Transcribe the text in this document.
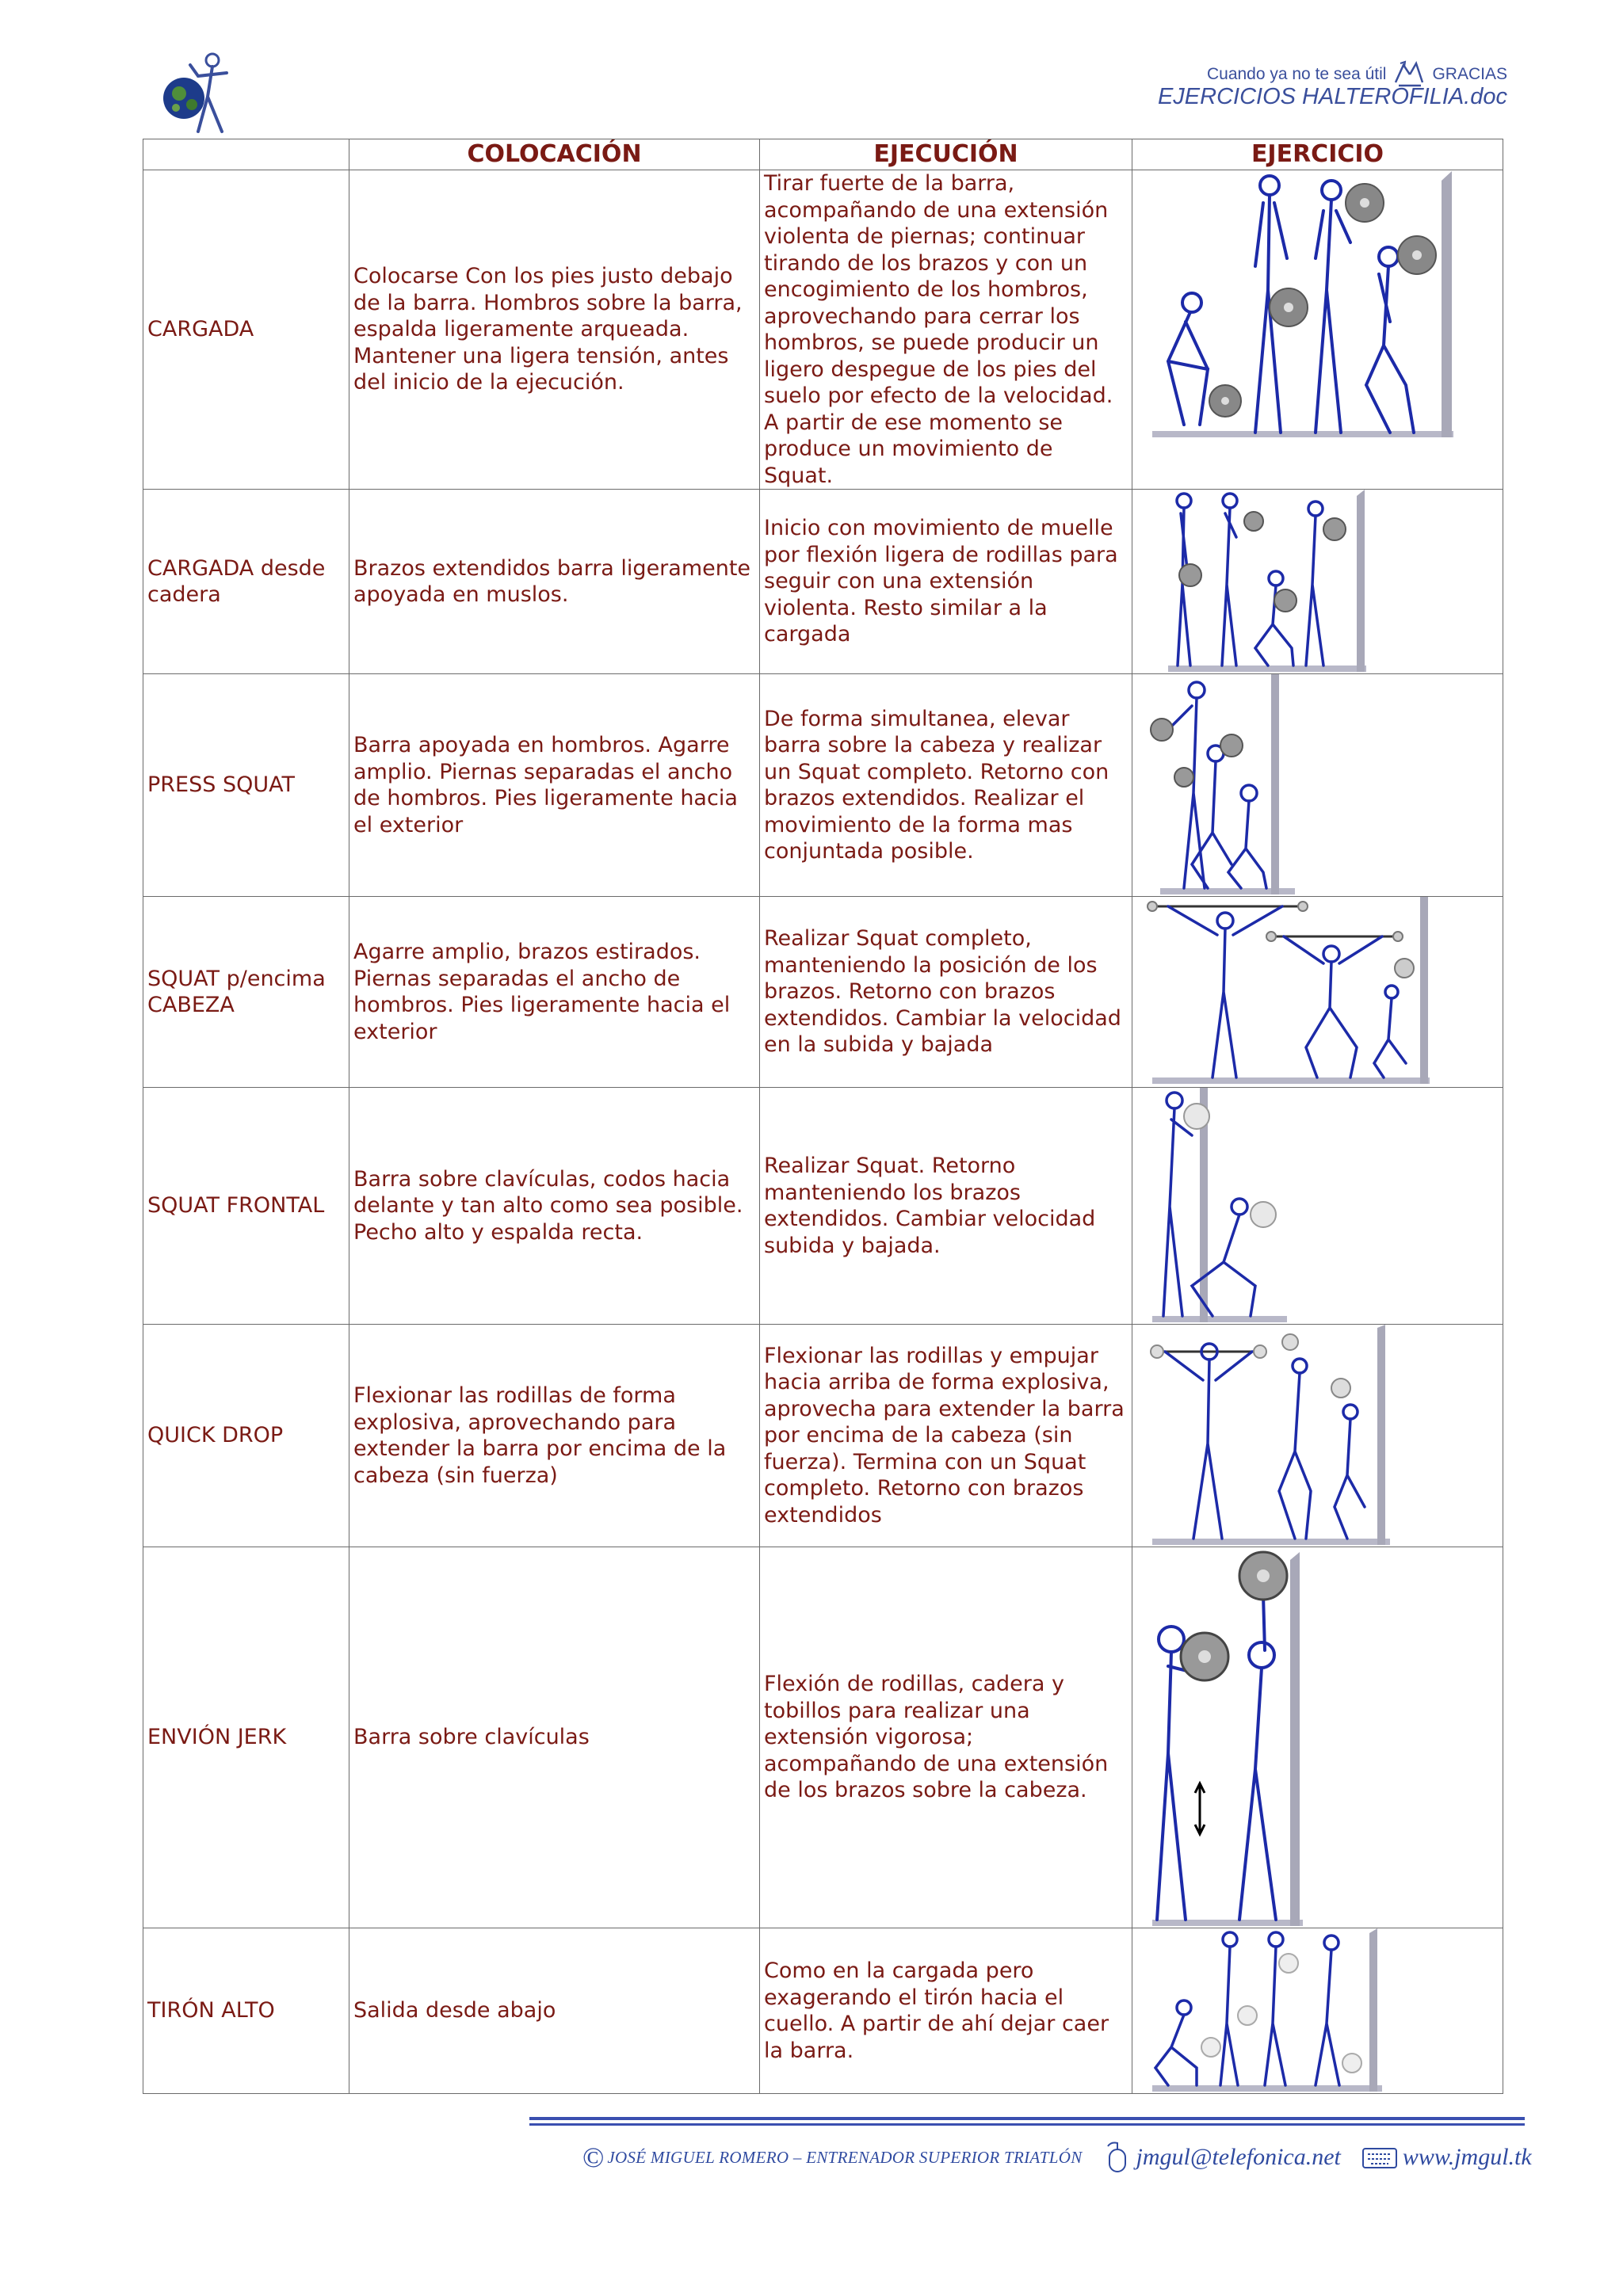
Cuando ya no te sea útil	GRACIAS
EJERCICIOS HALTEROFILIA.doc
	COLOCACIÓN	EJECUCIÓN	EJERCICIO
CARGADA	Colocarse Con los pies justo debajo de la barra. Hombros sobre la barra, espalda ligeramente arqueada. Mantener una ligera tensión, antes del inicio de la ejecución.	Tirar fuerte de la barra, acompañando de una extensión violenta de piernas; continuar tirando de los brazos y con un encogimiento de los hombros, aprovechando para cerrar los hombros, se puede producir un ligero despegue de los pies del suelo por efecto de la velocidad. A partir de ese momento se produce un movimiento de Squat.	

CARGADA desde cadera	Brazos extendidos barra ligeramente apoyada en muslos.	Inicio con movimiento de muelle por flexión ligera de rodillas para seguir con una extensión violenta. Resto similar a la cargada	

PRESS SQUAT	Barra apoyada en hombros. Agarre amplio. Piernas separadas el ancho de hombros. Pies ligeramente hacia el exterior	De forma simultanea, elevar barra sobre la cabeza y realizar un Squat completo. Retorno con brazos extendidos. Realizar el movimiento de la forma mas conjuntada posible.	

SQUAT p/encima CABEZA	Agarre amplio, brazos estirados. Piernas separadas el ancho de hombros. Pies ligeramente hacia el exterior	Realizar Squat completo, manteniendo la posición de los brazos. Retorno con brazos extendidos. Cambiar la velocidad en la subida y bajada	

SQUAT FRONTAL	Barra sobre clavículas, codos hacia delante y tan alto como sea posible. Pecho alto y espalda recta.	Realizar Squat. Retorno manteniendo los brazos extendidos. Cambiar velocidad subida y bajada.	

QUICK DROP	Flexionar las rodillas de forma explosiva, aprovechando para extender la barra por encima de la cabeza (sin fuerza)	Flexionar las rodillas y empujar hacia arriba de forma explosiva, aprovecha para extender la barra por encima de la cabeza (sin fuerza). Termina con un Squat completo. Retorno con brazos extendidos	

ENVIÓN JERK	Barra sobre clavículas	Flexión de rodillas, cadera y tobillos para realizar una extensión vigorosa; acompañando de una extensión de los brazos sobre la cabeza.	

TIRÓN ALTO	Salida desde abajo	Como en la cargada pero exagerando el tirón hacia el cuello. A partir de ahí dejar caer la barra.	
© JOSÉ MIGUEL ROMERO – ENTRENADOR SUPERIOR TRIATLÓN jmgul@telefonica.net	www.jmgul.tk
